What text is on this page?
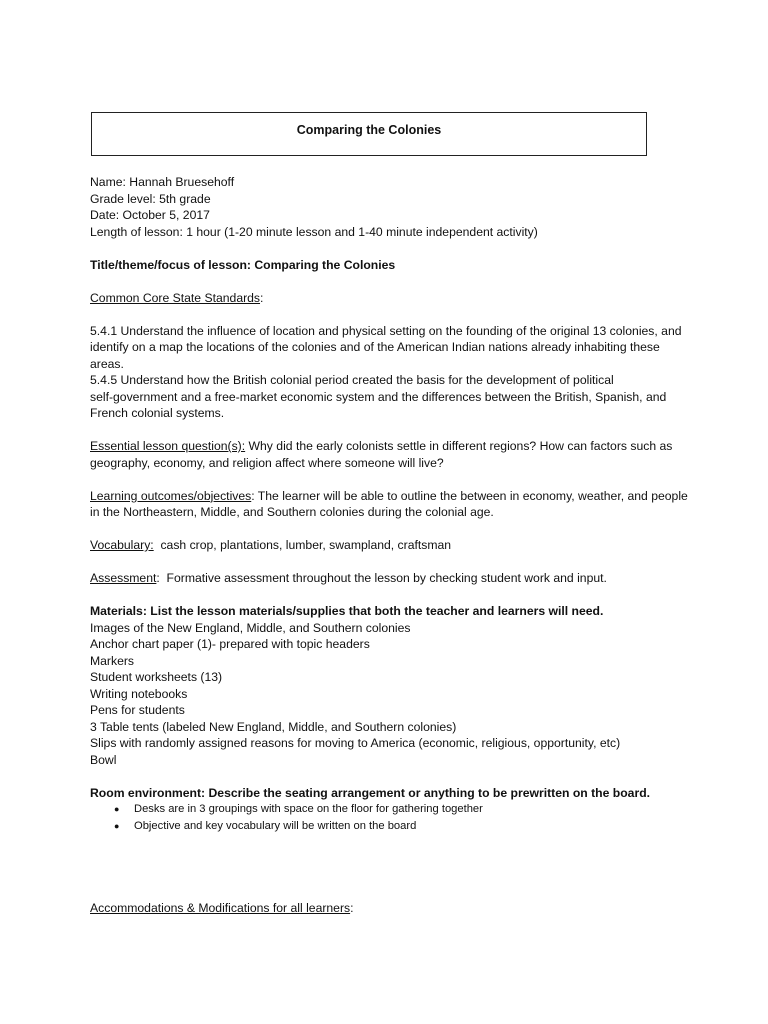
Comparing the Colonies
Name: Hannah Bruesehoff
Grade level: 5th grade
Date: October 5, 2017
Length of lesson: 1 hour (1-20 minute lesson and 1-40 minute independent activity)
Title/theme/focus of lesson: Comparing the Colonies
Common Core State Standards:
5.4.1 Understand the influence of location and physical setting on the founding of the original 13 colonies, and
identify on a map the locations of the colonies and of the American Indian nations already inhabiting these
areas.
5.4.5 Understand how the British colonial period created the basis for the development of political
self-government and a free-market economic system and the differences between the British, Spanish, and
French colonial systems.
Essential lesson question(s): Why did the early colonists settle in different regions? How can factors such as
geography, economy, and religion affect where someone will live?
Learning outcomes/objectives: The learner will be able to outline the between in economy, weather, and people
in the Northeastern, Middle, and Southern colonies during the colonial age.
Vocabulary:  cash crop, plantations, lumber, swampland, craftsman
Assessment:  Formative assessment throughout the lesson by checking student work and input.
Materials: List the lesson materials/supplies that both the teacher and learners will need.
Images of the New England, Middle, and Southern colonies
Anchor chart paper (1)- prepared with topic headers
Markers
Student worksheets (13)
Writing notebooks
Pens for students
3 Table tents (labeled New England, Middle, and Southern colonies)
Slips with randomly assigned reasons for moving to America (economic, religious, opportunity, etc)
Bowl
Room environment: Describe the seating arrangement or anything to be prewritten on the board.
● Desks are in 3 groupings with space on the floor for gathering together
● Objective and key vocabulary will be written on the board
Accommodations & Modifications for all learners:
